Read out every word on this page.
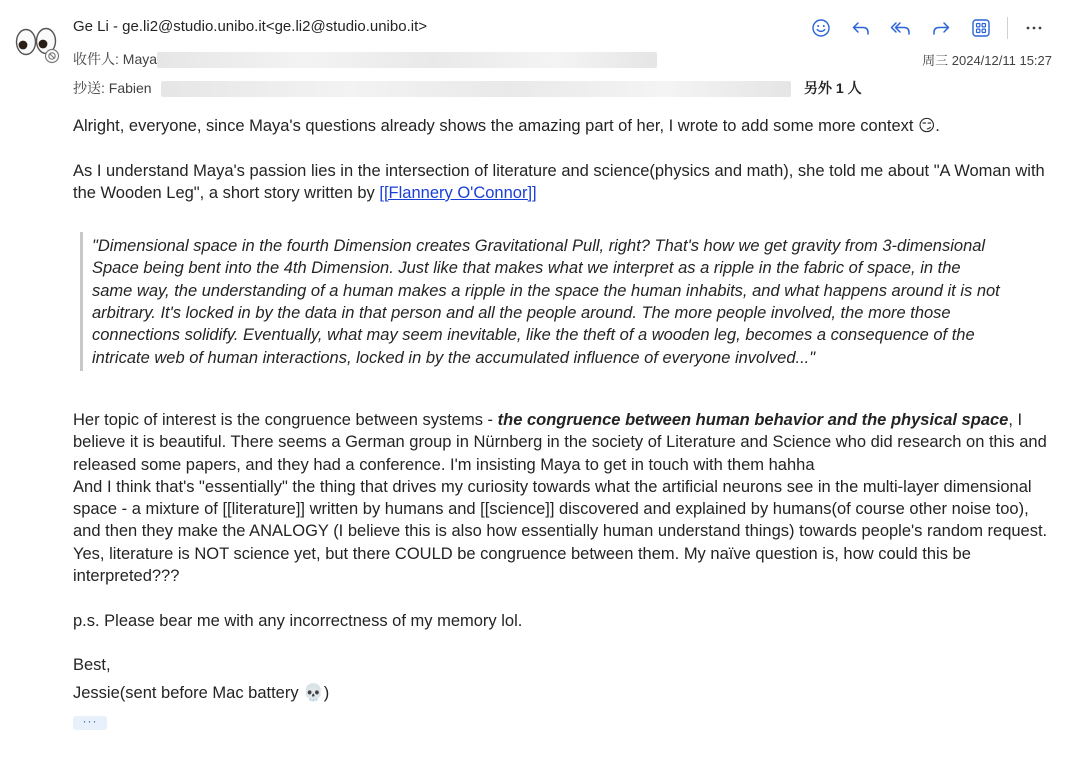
Ge Li - ge.li2@studio.unibo.it<ge.li2@studio.unibo.it>
收件人: Maya
抄送: Fabien	另外 1 人
周三 2024/12/11 15:27

Alright, everyone, since Maya's questions already shows the amazing part of her, I wrote to add some more context 😏.

As I understand Maya's passion lies in the intersection of literature and science(physics and math), she told me about "A Woman with the Wooden Leg", a short story written by [[Flannery O'Connor]]

"Dimensional space in the fourth Dimension creates Gravitational Pull, right? That's how we get gravity from 3-dimensional Space being bent into the 4th Dimension. Just like that makes what we interpret as a ripple in the fabric of space, in the same way, the understanding of a human makes a ripple in the space the human inhabits, and what happens around it is not arbitrary. It's locked in by the data in that person and all the people around. The more people involved, the more those connections solidify. Eventually, what may seem inevitable, like the theft of a wooden leg, becomes a consequence of the intricate web of human interactions, locked in by the accumulated influence of everyone involved..."

Her topic of interest is the congruence between systems - the congruence between human behavior and the physical space, I believe it is beautiful. There seems a German group in Nürnberg in the society of Literature and Science who did research on this and released some papers, and they had a conference. I'm insisting Maya to get in touch with them hahha

And I think that's "essentially" the thing that drives my curiosity towards what the artificial neurons see in the multi-layer dimensional space - a mixture of [[literature]] written by humans and [[science]] discovered and explained by humans(of course other noise too), and then they make the ANALOGY (I believe this is also how essentially human understand things) towards people's random request. Yes, literature is NOT science yet, but there COULD be congruence between them. My naïve question is, how could this be interpreted???

p.s. Please bear me with any incorrectness of my memory lol.

Best,

Jessie(sent before Mac battery 💀)

···
